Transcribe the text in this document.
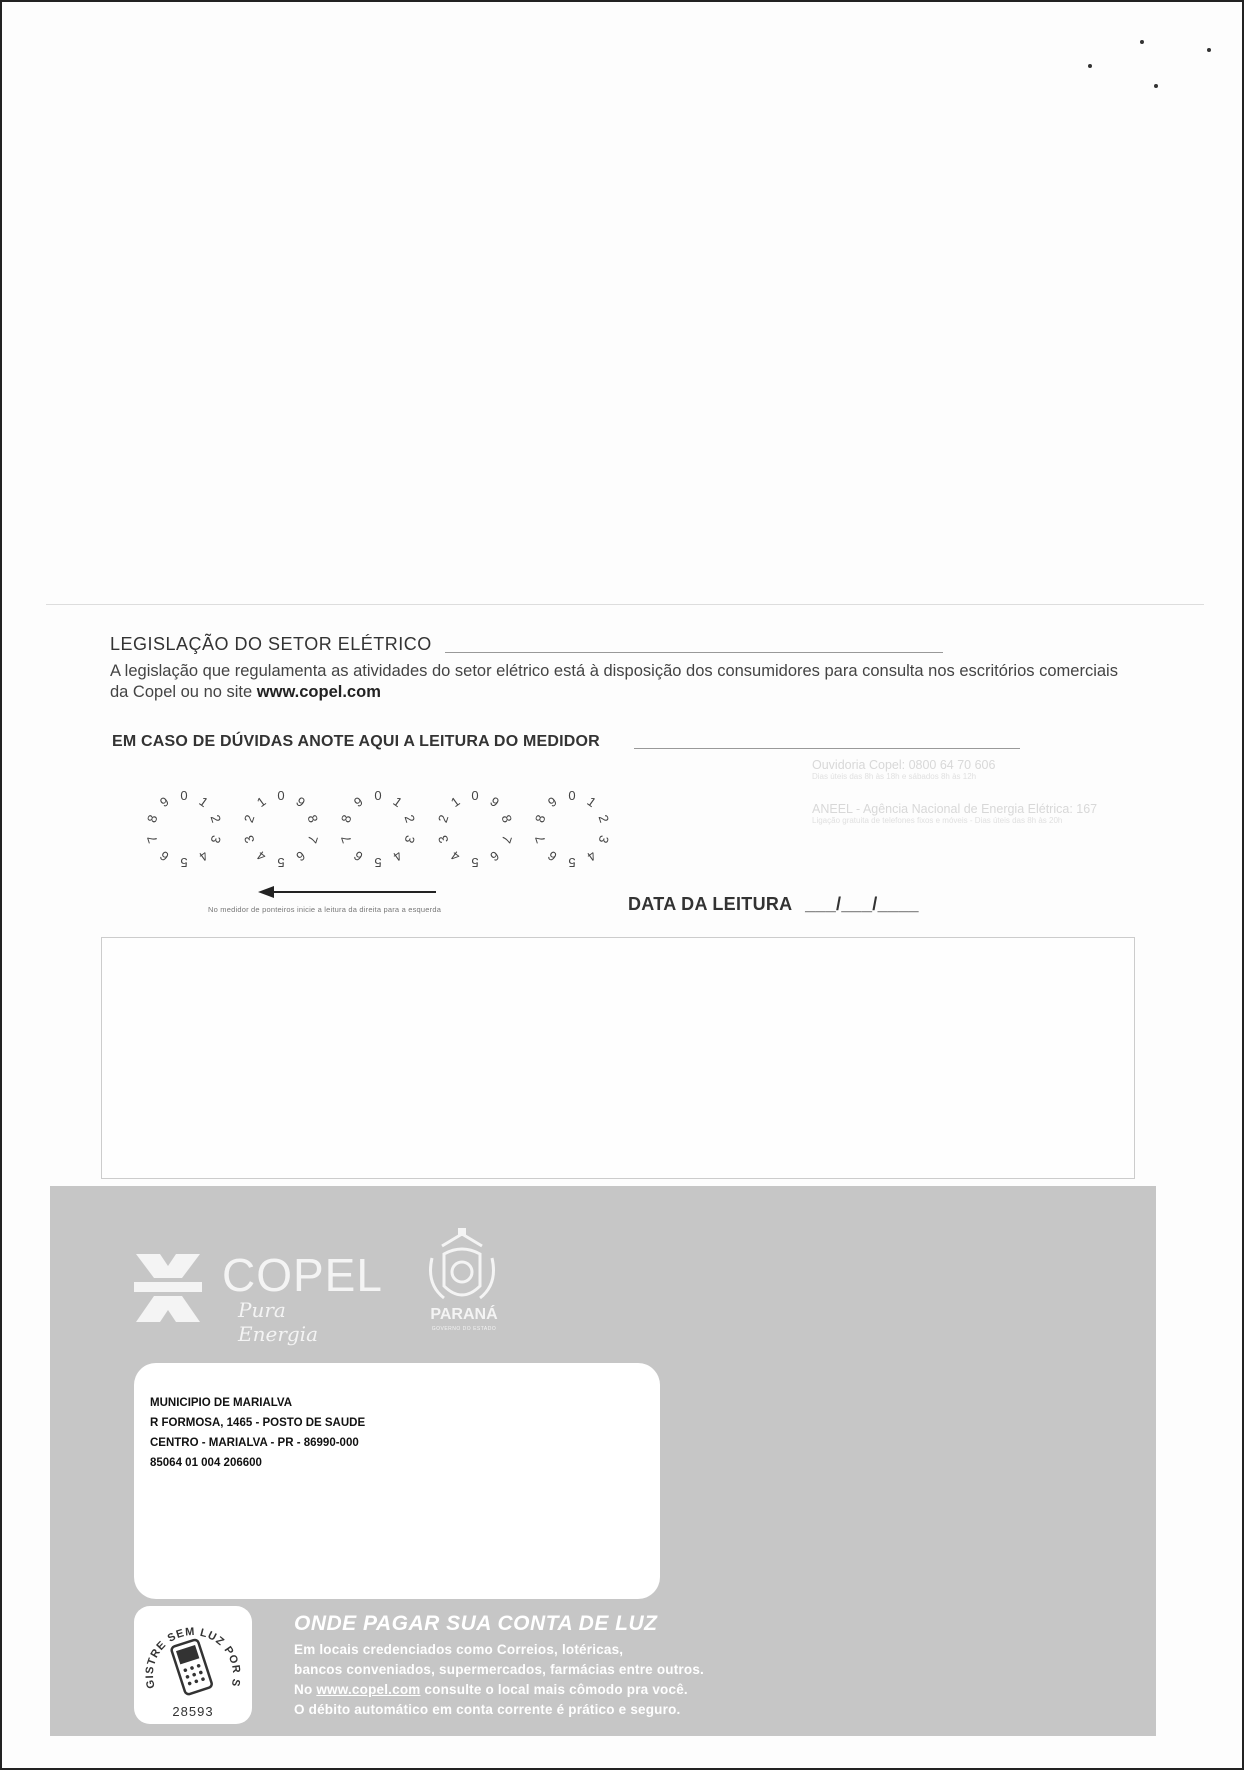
LEGISLAÇÃO DO SETOR ELÉTRICO
A legislação que regulamenta as atividades do setor elétrico está à disposição dos consumidores para consulta nos escritórios comerciais da Copel ou no site www.copel.com
EM CASO DE DÚVIDAS ANOTE AQUI A LEITURA DO MEDIDOR
Ouvidoria Copel: 0800 64 70 606
Dias úteis das 8h às 18h e sábados 8h às 12h
ANEEL - Agência Nacional de Energia Elétrica: 167
Ligação gratuita de telefones fixos e móveis - Dias úteis das 8h às 20h
0 1
2
3
4
5
6
7
8
9	0 9
8
7
6
5
4
3
2
1	0 1
2
3
4
5
6
7
8
9	0 9
8
7
6
5
4
3
2
1	0 1
2
3
4
5
6
7
8
9
No medidor de ponteiros inicie a leitura da direita para a esquerda	DATA DA LEITURA ___/___/____
COPEL
Pura Energia
PARANÁ
GOVERNO DO ESTADO
MUNICIPIO DE MARIALVA
R FORMOSA, 1465 - POSTO DE SAUDE
CENTRO - MARIALVA - PR - 86990-000
85064 01 004 206600
GISTRE SEM LUZ POR S
28593
ONDE PAGAR SUA CONTA DE LUZ
Em locais credenciados como Correios, lotéricas,
bancos conveniados, supermercados, farmácias entre outros.
No www.copel.com consulte o local mais cômodo pra você.
O débito automático em conta corrente é prático e seguro.
